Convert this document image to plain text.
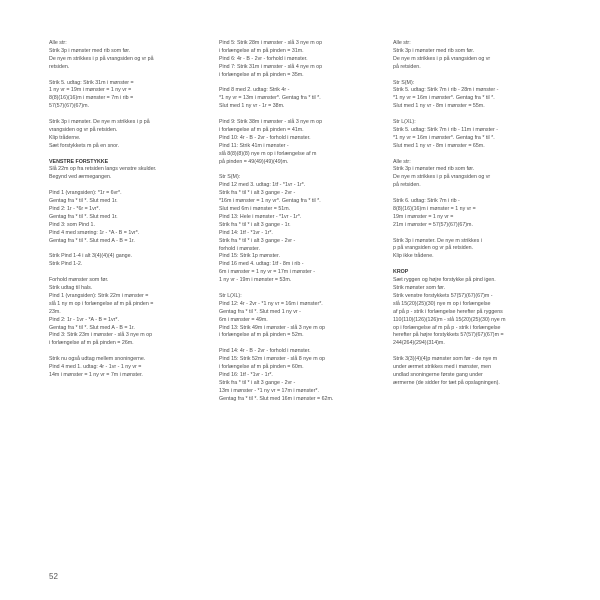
Alle str:
Strik 3p i mønster med rib som før.
De nye m strikkes i p på vrangsiden og vr på
retsiden.
Strik 5. udtag: Strik 31m i mønster =
1 ny vr = 19m i mønster = 1 ny vr =
8(8)(16)(16)m i mønster = 7m i rib =
57(57)(67)(67)m.
Strik 3p i mønster. De nye m strikkes i p på
vrangsiden og vr på retsiden.
Klip tråderne.
Sæt forstykkets m på en snor.
VENSTRE FORSTYKKE
Slå 22m op fra retsiden langs venstre skulder.
Begynd ved ærmegangen.
Pind 1 (vrangsiden): *1r = 6vr*.
Gentag fra * til *. Slut med 1r.
Pind 2: 1r - *6r = 1vr*.
Gentag fra * til *. Slut med 1r.
Pind 3: som Pind 1.
Pind 4 med smøring: 1r - *A - B = 1vr*.
Gentag fra * til *. Slut med A - B = 1r.
Strik Pind 1-4 i alt 3(4)(4)(4) gange.
Strik Pind 1-2.
Forhold mønster som før.
Strik udtag til hals.
Pind 1 (vrangsiden): Strik 22m i mønster =
slå 1 ny m op i forlængelse af m på pinden =
23m.
Pind 2: 1r - 1vr - *A - B = 1vr*.
Gentag fra * til *. Slut med A - B = 1r.
Pind 3: Strik 23m i mønster - slå 3 nye m op
i forlængelse af m på pinden = 26m.
Strik nu også udtag mellem snoningerne.
Pind 4 med 1. udtag: 4r - 1vr - 1 ny vr =
14m i mønster = 1 ny vr = 7m i mønster.
Pind 5: Strik 28m i mønster - slå 3 nye m op
i forlængelse af m på pinden = 31m.
Pind 6: 4r - B - 2vr - forhold i mønster.
Pind 7: Strik 31m i mønster - slå 4 nye m op
i forlængelse af m på pinden = 35m.
Pind 8 med 2. udtag: Strik 4r -
*1 ny vr = 13m i mønster*. Gentag fra * til *.
Slut med 1 ny vr - 1r = 38m.
Pind 9: Strik 38m i mønster - slå 3 nye m op
i forlængelse af m på pinden = 41m.
Pind 10: 4r - B - 2vr - forhold i mønster.
Pind 11: Strik 41m i mønster -
slå 8(8)(8)(8) nye m op i forlængelse af m
på pinden = 49(49)(49)(49)m.
Str S(M):
Pind 12 med 3. udtag: 1tf - *1vr - 1r*.
Strik fra * til * i alt 3 gange - 2vr -
*16m i mønster = 1 ny vr*. Gentag fra * til *.
Slut med 6m i mønster = 51m.
Pind 13: Hele i mønster - *1vr - 1r*.
Strik fra * til * i alt 3 gange - 1r.
Pind 14: 1tf - *1vr - 1r*.
Strik fra * til * i alt 3 gange - 2vr -
forhold i mønster.
Pind 15: Strik 1p mønster.
Pind 16 med 4. udtag: 1tf - 8m i rib -
6m i mønster = 1 ny vr = 17m i mønster -
1 ny vr - 19m i mønster = 53m.
Str L(XL):
Pind 12: 4r - 2vr - *1 ny vr = 16m i mønster*.
Gentag fra * til *. Slut med 1 ny vr -
6m i mønster = 49m.
Pind 13: Strik 49m i mønster - slå 3 nye m op
i forlængelse af m på pinden = 52m.
Pind 14: 4r - B - 2vr - forhold i mønster.
Pind 15: Strik 52m i mønster - slå 8 nye m op
i forlængelse af m på pinden = 60m.
Pind 16: 1tf - *1vr - 1r*.
Strik fra * til * i alt 3 gange - 2vr -
13m i mønster - *1 ny vr = 17m i mønster*.
Gentag fra * til *. Slut med 16m i mønster = 62m.
Alle str:
Strik 3p i mønster med rib som før.
De nye m strikkes i p på vrangsiden og vr
på retsiden.
Str S(M):
Strik 5. udtag: Strik 7m i rib - 28m i mønster -
*1 ny vr = 16m i mønster*. Gentag fra * til *.
Slut med 1 ny vr - 8m i mønster = 55m.
Str L(XL):
Strik 5. udtag: Strik 7m i rib - 11m i mønster -
*1 ny vr = 16m i mønster*. Gentag fra * til *.
Slut med 1 ny vr - 8m i mønster = 65m.
Alle str:
Strik 3p i mønster med rib som før.
De nye m strikkes i p på vrangsiden og vr
på retsiden.
Strik 6. udtag: Strik 7m i rib -
8(8)(16)(16)m i mønster = 1 ny vr =
19m i mønster = 1 ny vr =
21m i mønster = 57(57)(67)(67)m.
Strik 3p i mønster. De nye m strikkes i
p på vrangsiden og vr på retsiden.
Klip ikke trådene.
KROP
Sæt ryggen og højre forstykke på pind igen.
Strik mønster som før.
Strik venstre forstykkets 57(57)(67)(67)m -
slå 15(20)(25)(30) nye m op i forlængelse
af på p - strik i forlængelse herefter på ryggens
110(110)(126)(126)m - slå 15(20)(25)(30) nye m
op i forlængelse af m på p - strik i forlængelse
herefter på højre forstykkets 57(57)(67)(67)m =
244(264)(294)(314)m.
Strik 3(3)(4)(4)p mønster som før - de nye m
under ærmet strikkes med i mønster, men
undlad snoningerne første gang under
ærmerne (de sidder for tæt på opslagningen).
52
